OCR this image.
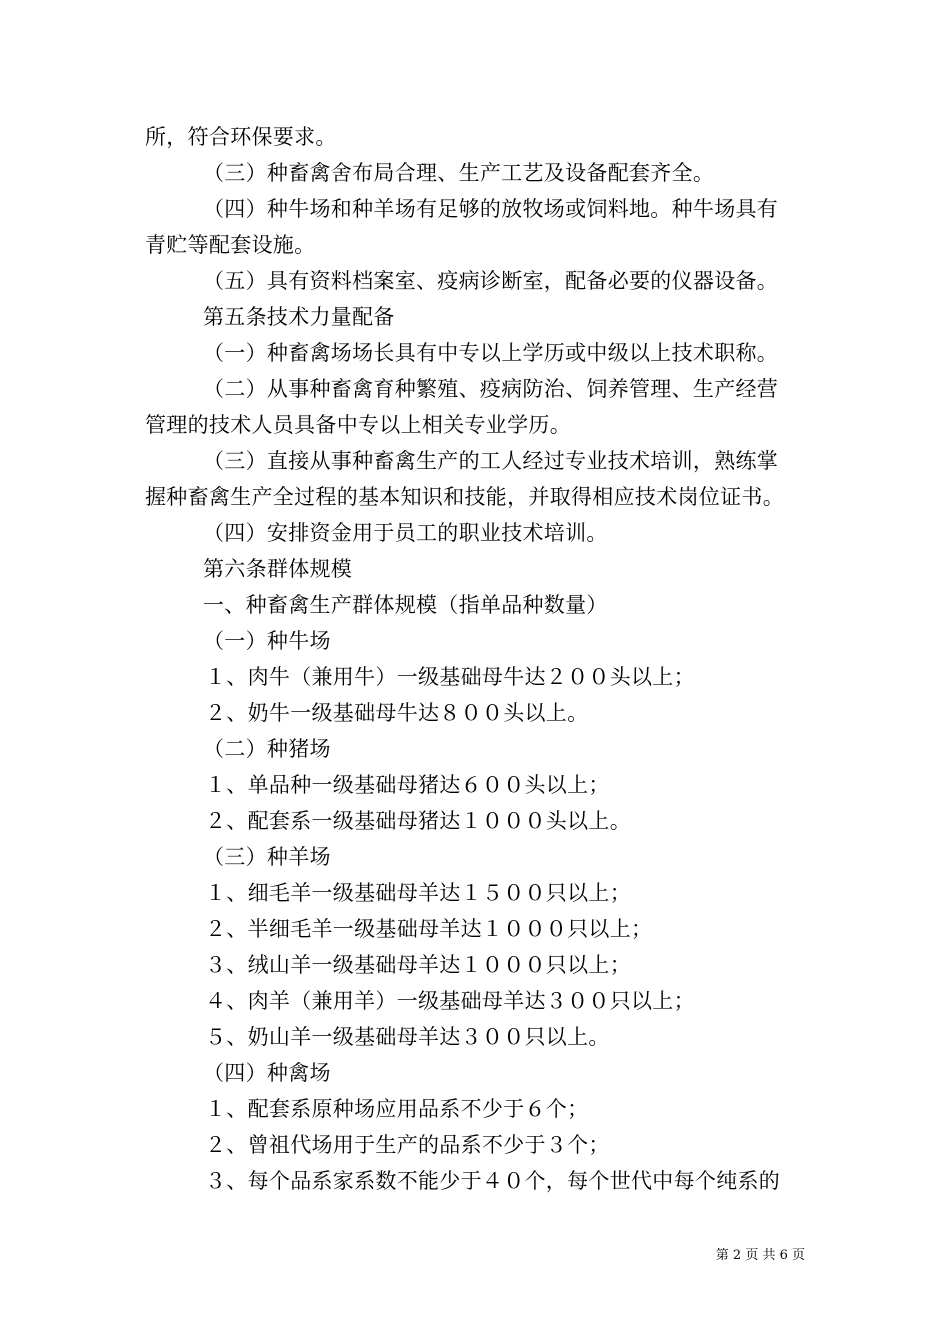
所，符合环保要求。
（三）种畜禽舍布局合理、生产工艺及设备配套齐全。
（四）种牛场和种羊场有足够的放牧场或饲料地。种牛场具有
青贮等配套设施。
（五）具有资料档案室、疫病诊断室，配备必要的仪器设备。
第五条技术力量配备
（一）种畜禽场场长具有中专以上学历或中级以上技术职称。
（二）从事种畜禽育种繁殖、疫病防治、饲养管理、生产经营
管理的技术人员具备中专以上相关专业学历。
（三）直接从事种畜禽生产的工人经过专业技术培训，熟练掌
握种畜禽生产全过程的基本知识和技能，并取得相应技术岗位证书。
（四）安排资金用于员工的职业技术培训。
第六条群体规模
一、种畜禽生产群体规模（指单品种数量）
（一）种牛场
１、肉牛（兼用牛）一级基础母牛达２００头以上；
２、奶牛一级基础母牛达８００头以上。
（二）种猪场
１、单品种一级基础母猪达６００头以上；
２、配套系一级基础母猪达１０００头以上。
（三）种羊场
１、细毛羊一级基础母羊达１５００只以上；
２、半细毛羊一级基础母羊达１０００只以上；
３、绒山羊一级基础母羊达１０００只以上；
４、肉羊（兼用羊）一级基础母羊达３００只以上；
５、奶山羊一级基础母羊达３００只以上。
（四）种禽场
１、配套系原种场应用品系不少于６个；
２、曾祖代场用于生产的品系不少于３个；
３、每个品系家系数不能少于４０个，每个世代中每个纯系的
第 2 页 共 6 页
